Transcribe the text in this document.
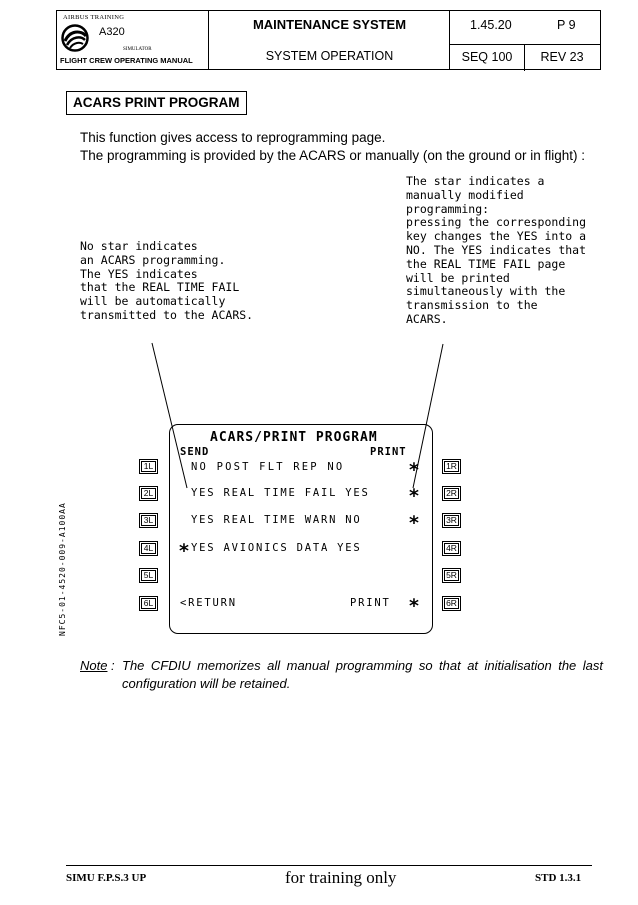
AIRBUS TRAINING
A320
SIMULATOR
FLIGHT CREW OPERATING MANUAL
MAINTENANCE SYSTEM
SYSTEM OPERATION
1.45.20	P 9
SEQ 100	REV 23
ACARS PRINT PROGRAM
This function gives access to reprogramming page.
The programming is provided by the ACARS or manually (on the ground or in flight) :
No star indicates
an ACARS programming.
The YES indicates
that the REAL TIME FAIL
will be automatically
transmitted to the ACARS.
The star indicates a
manually modified
programming:
pressing the corresponding
key changes the YES into a
NO. The YES indicates that
the REAL TIME FAIL page
will be printed
simultaneously with the
transmission to the
ACARS.
ACARS/PRINT PROGRAM
SEND	PRINT
NO POST FLT REP NO
YES REAL TIME FAIL YES
YES REAL TIME WARN NO
YES AVIONICS DATA YES
<RETURN	PRINT
*
*
*
*
*
1L
2L
3L
4L
5L
6L
1R
2R
3R
4R
5R
6R
NFC5-01-4520-009-A100AA
Note : The CFDIU memorizes all manual programming so that at initialisation the last
configuration will be retained.
SIMU F.P.S.3 UP	for training only	STD 1.3.1
